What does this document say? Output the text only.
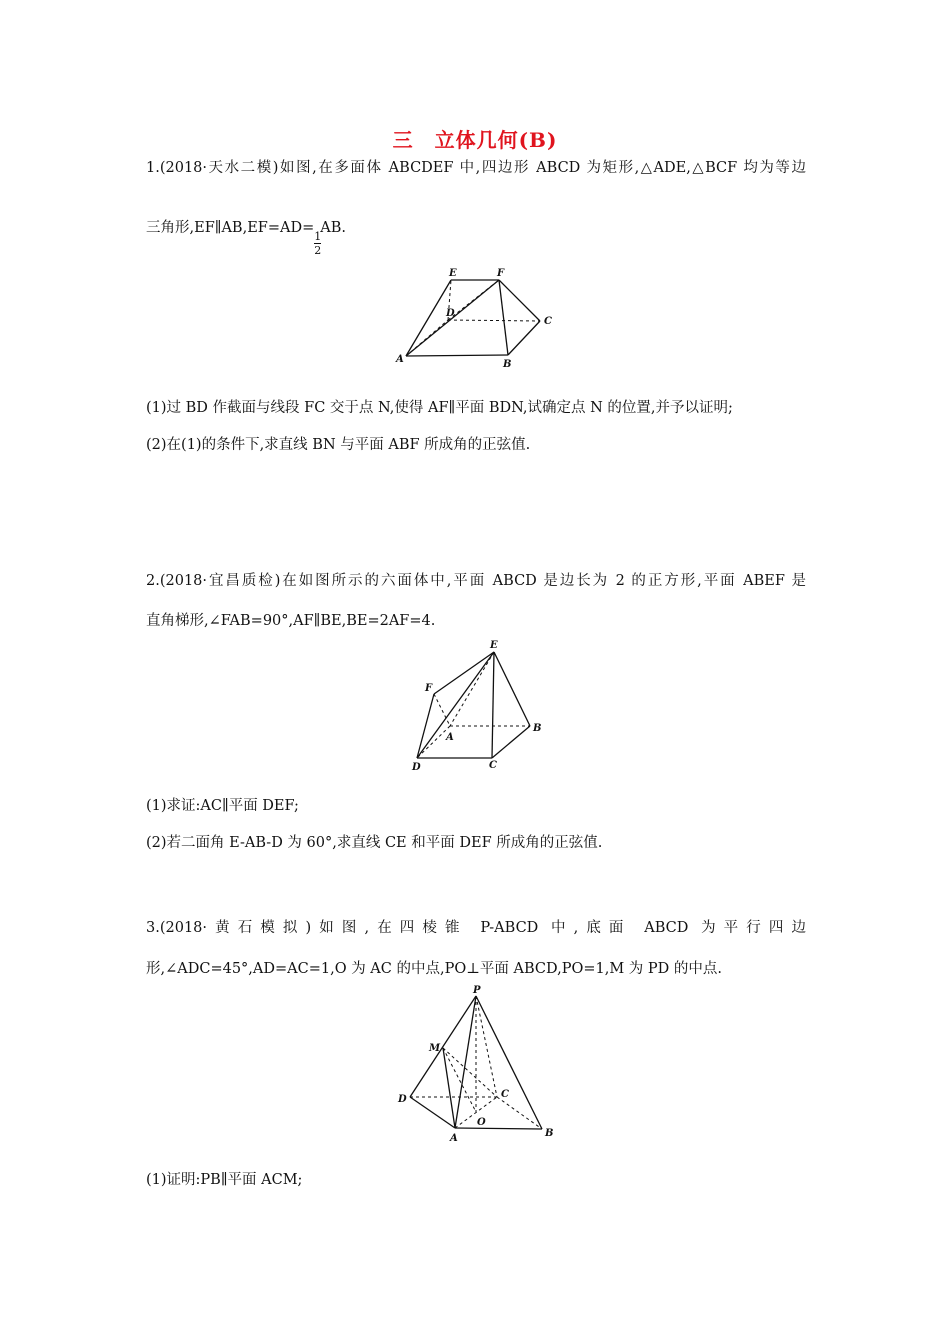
三　立体几何(B)
1.(2018·天水二模)如图,在多面体 ABCDEF 中,四边形 ABCD 为矩形,△ADE,△BCF 均为等边
三角形,EF∥AB,EF=AD=
$\frac{1}{2}$
AB.
E	F
D
C
A	B
E
F
A
B
D	C
P
M
D	C
O
A	B
(1)过 BD 作截面与线段 FC 交于点 N,使得 AF∥平面 BDN,试确定点 N 的位置,并予以证明;
(2)在(1)的条件下,求直线 BN 与平面 ABF 所成角的正弦值.
2.(2018·宜昌质检)在如图所示的六面体中,平面 ABCD 是边长为 2 的正方形,平面 ABEF 是
直角梯形,∠FAB=90°,AF∥BE,BE=2AF=4.
(1)求证:AC∥平面 DEF;
(2)若二面角 E-AB-D 为 60°,求直线 CE 和平面 DEF 所成角的正弦值.
3.(2018·黄石模拟)如图,在四棱锥 P-ABCD 中,底面 ABCD 为平行四边
形,∠ADC=45°,AD=AC=1,O 为 AC 的中点,PO⊥平面 ABCD,PO=1,M 为 PD 的中点.
(1)证明:PB∥平面 ACM;
